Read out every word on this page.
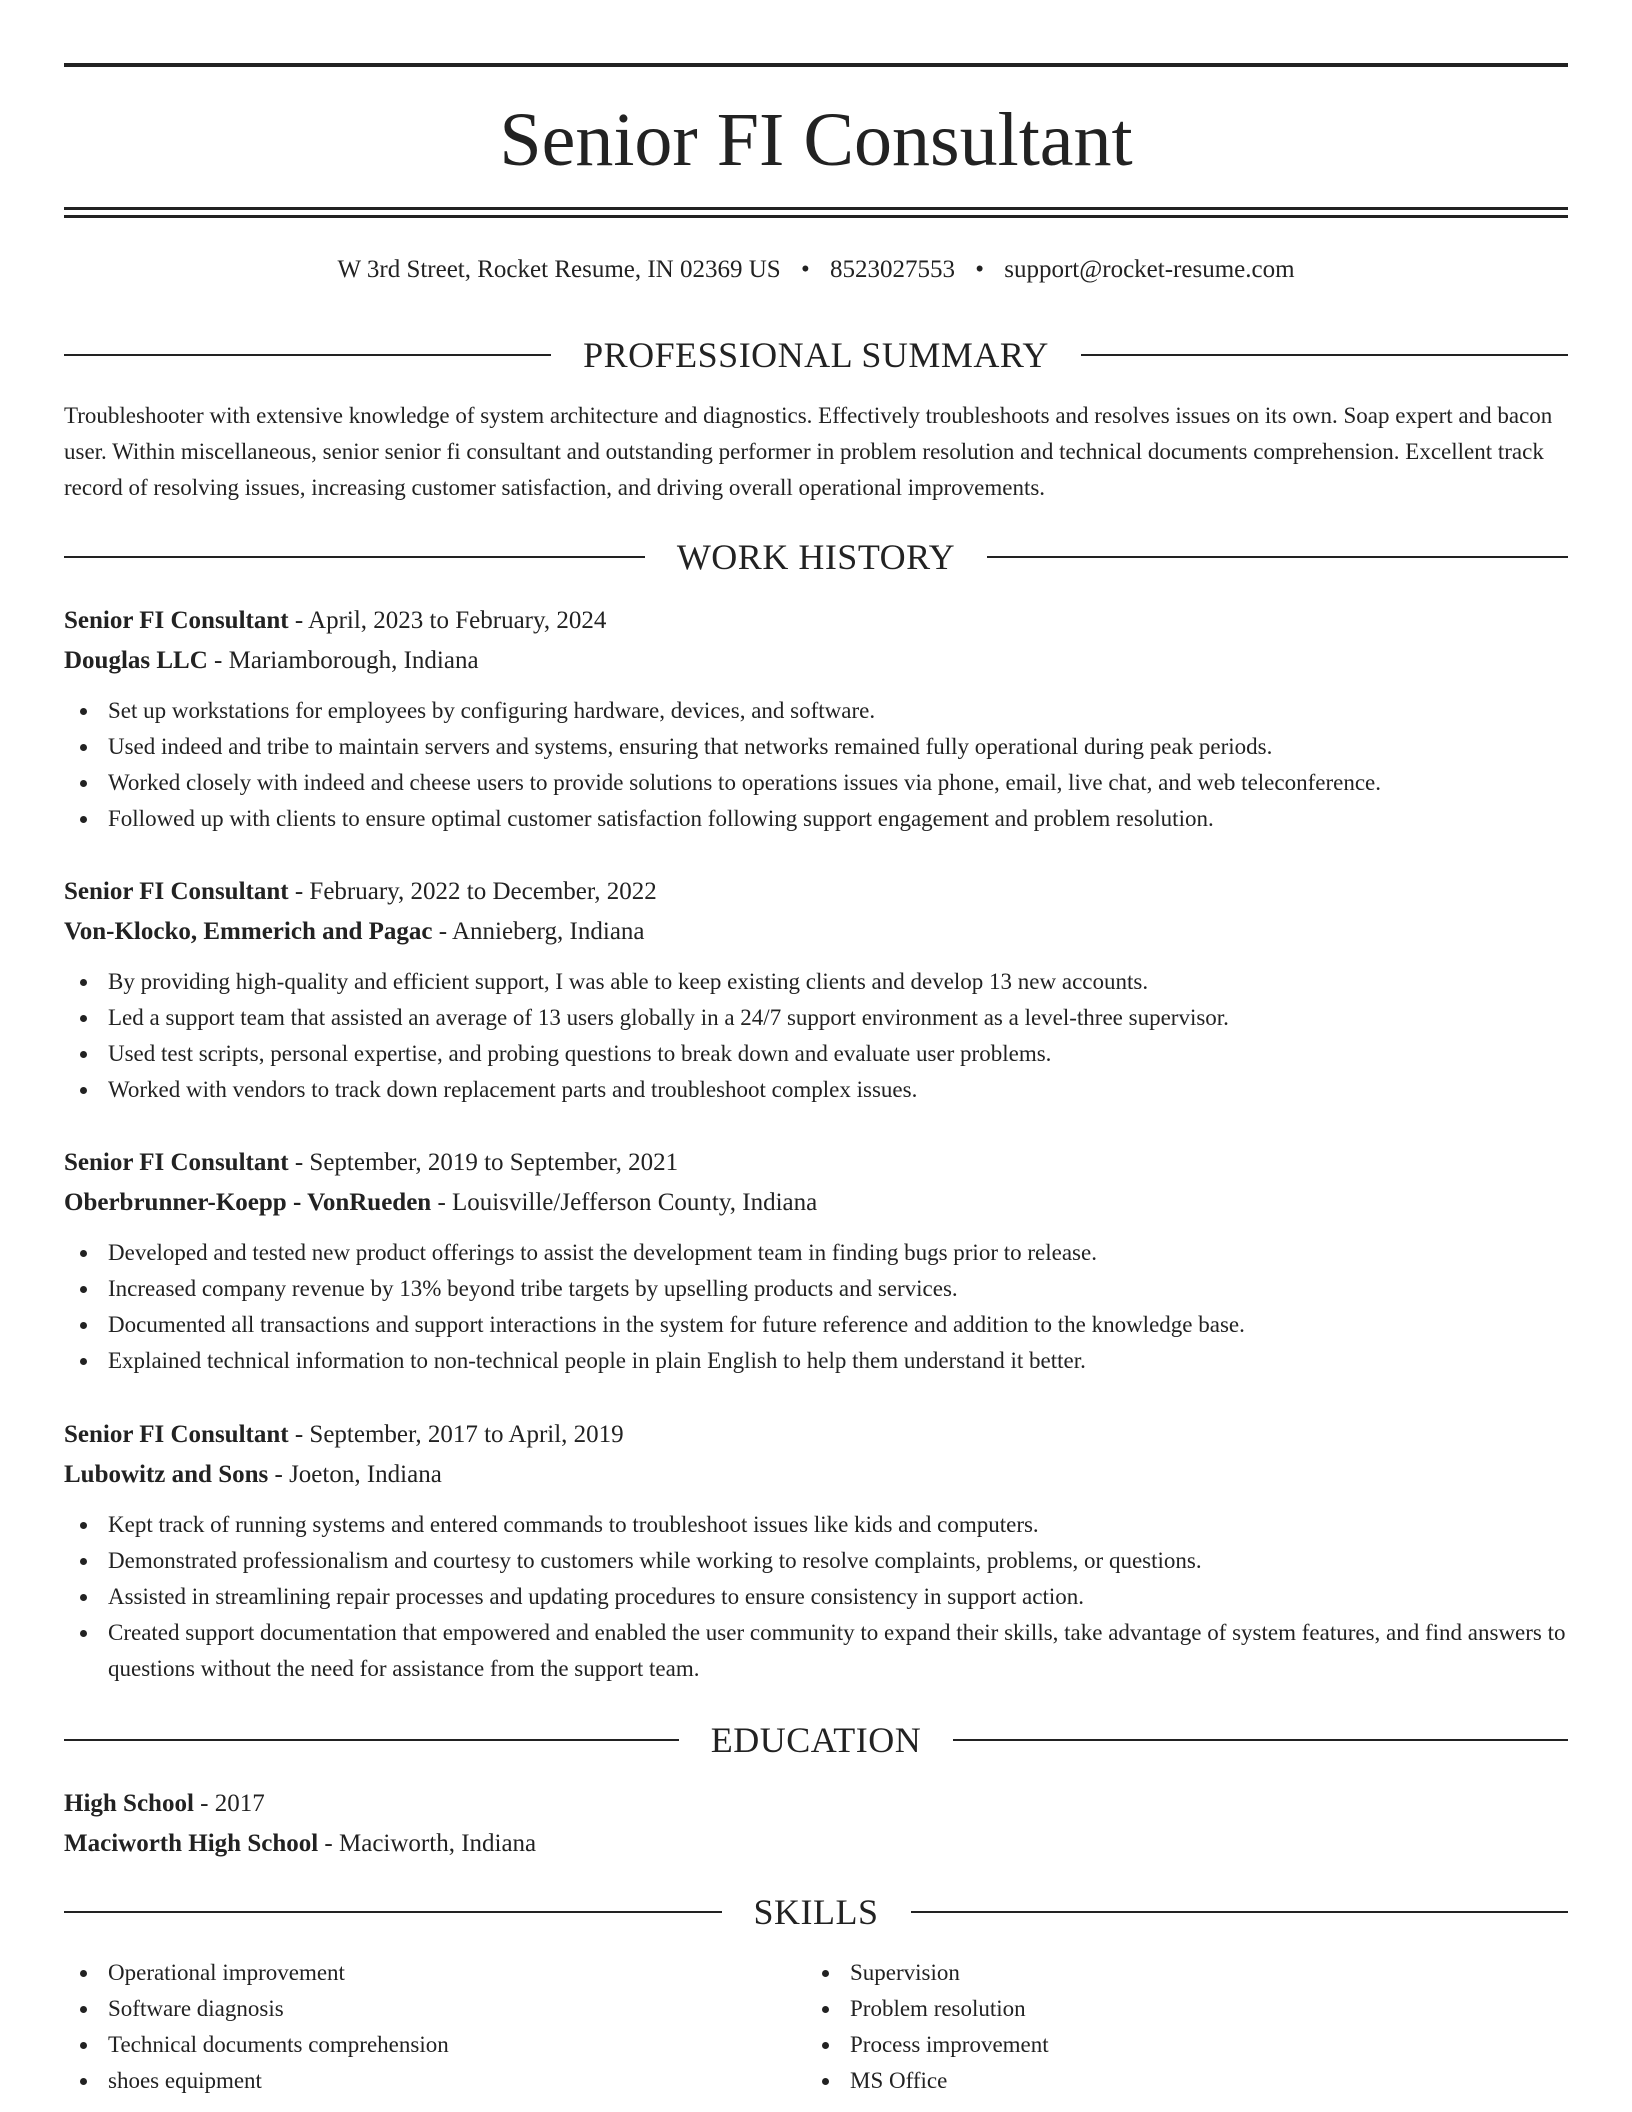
Senior FI Consultant
W 3rd Street, Rocket Resume, IN 02369 US • 8523027553 • support@rocket-resume.com
PROFESSIONAL SUMMARY

Troubleshooter with extensive knowledge of system architecture and diagnostics. Effectively troubleshoots and resolves issues on its own. Soap expert and bacon user. Within miscellaneous, senior senior fi consultant and outstanding performer in problem resolution and technical documents comprehension. Excellent track record of resolving issues, increasing customer satisfaction, and driving overall operational improvements.

WORK HISTORY

Senior FI Consultant - April, 2023 to February, 2024

Douglas LLC - Mariamborough, Indiana

Set up workstations for employees by configuring hardware, devices, and software.
Used indeed and tribe to maintain servers and systems, ensuring that networks remained fully operational during peak periods.
Worked closely with indeed and cheese users to provide solutions to operations issues via phone, email, live chat, and web teleconference.
Followed up with clients to ensure optimal customer satisfaction following support engagement and problem resolution.

Senior FI Consultant - February, 2022 to December, 2022

Von-Klocko, Emmerich and Pagac - Annieberg, Indiana

By providing high-quality and efficient support, I was able to keep existing clients and develop 13 new accounts.
Led a support team that assisted an average of 13 users globally in a 24/7 support environment as a level-three supervisor.
Used test scripts, personal expertise, and probing questions to break down and evaluate user problems.
Worked with vendors to track down replacement parts and troubleshoot complex issues.

Senior FI Consultant - September, 2019 to September, 2021

Oberbrunner-Koepp - VonRueden - Louisville/Jefferson County, Indiana

Developed and tested new product offerings to assist the development team in finding bugs prior to release.
Increased company revenue by 13% beyond tribe targets by upselling products and services.
Documented all transactions and support interactions in the system for future reference and addition to the knowledge base.
Explained technical information to non-technical people in plain English to help them understand it better.

Senior FI Consultant - September, 2017 to April, 2019

Lubowitz and Sons - Joeton, Indiana

Kept track of running systems and entered commands to troubleshoot issues like kids and computers.
Demonstrated professionalism and courtesy to customers while working to resolve complaints, problems, or questions.
Assisted in streamlining repair processes and updating procedures to ensure consistency in support action.
Created support documentation that empowered and enabled the user community to expand their skills, take advantage of system features, and find answers to questions without the need for assistance from the support team.
EDUCATION

High School - 2017

Maciworth High School - Maciworth, Indiana

SKILLS
Operational improvement
Software diagnosis
Technical documents comprehension
shoes equipment
Supervision
Problem resolution
Process improvement
MS Office
